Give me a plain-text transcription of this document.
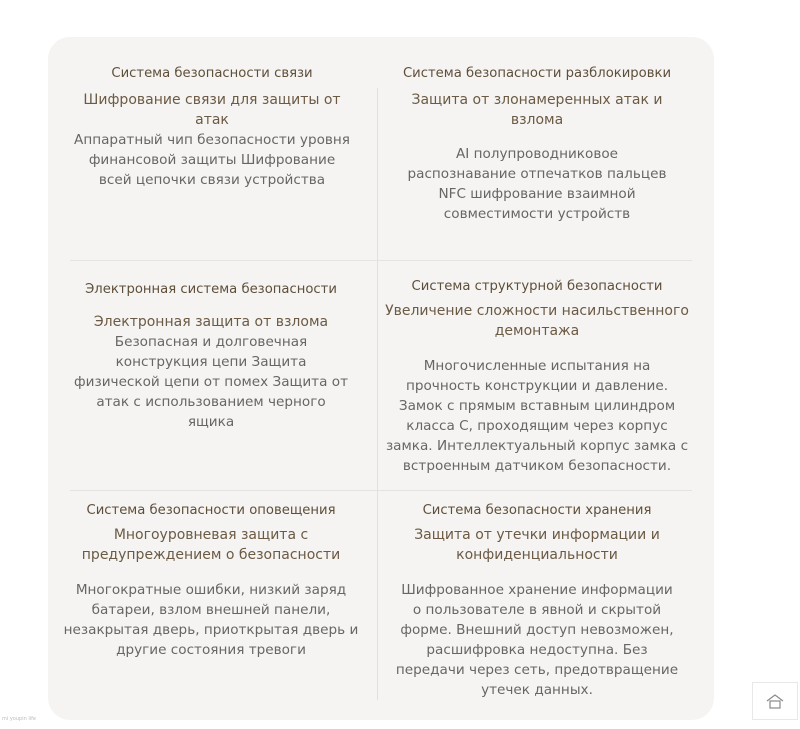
Система безопасности связи
Шифрование связи для защиты от
атак
Аппаратный чип безопасности уровня
финансовой защиты Шифрование
всей цепочки связи устройства
Система безопасности разблокировки
Защита от злонамеренных атак и
взлома
AI полупроводниковое
распознавание отпечатков пальцев
NFC шифрование взаимной
совместимости устройств
Электронная система безопасности
Электронная защита от взлома
Безопасная и долговечная
конструкция цепи Защита
физической цепи от помех Защита от
атак с использованием черного
ящика
Система структурной безопасности
Увеличение сложности насильственного
демонтажа
Многочисленные испытания на
прочность конструкции и давление.
Замок с прямым вставным цилиндром
класса С, проходящим через корпус
замка. Интеллектуальный корпус замка с
встроенным датчиком безопасности.
Система безопасности оповещения
Многоуровневая защита с
предупреждением о безопасности
Многократные ошибки, низкий заряд
батареи, взлом внешней панели,
незакрытая дверь, приоткрытая дверь и
другие состояния тревоги
Система безопасности хранения
Защита от утечки информации и
конфиденциальности
Шифрованное хранение информации
о пользователе в явной и скрытой
форме. Внешний доступ невозможен,
расшифровка недоступна. Без
передачи через сеть, предотвращение
утечек данных.
mi youpin life
